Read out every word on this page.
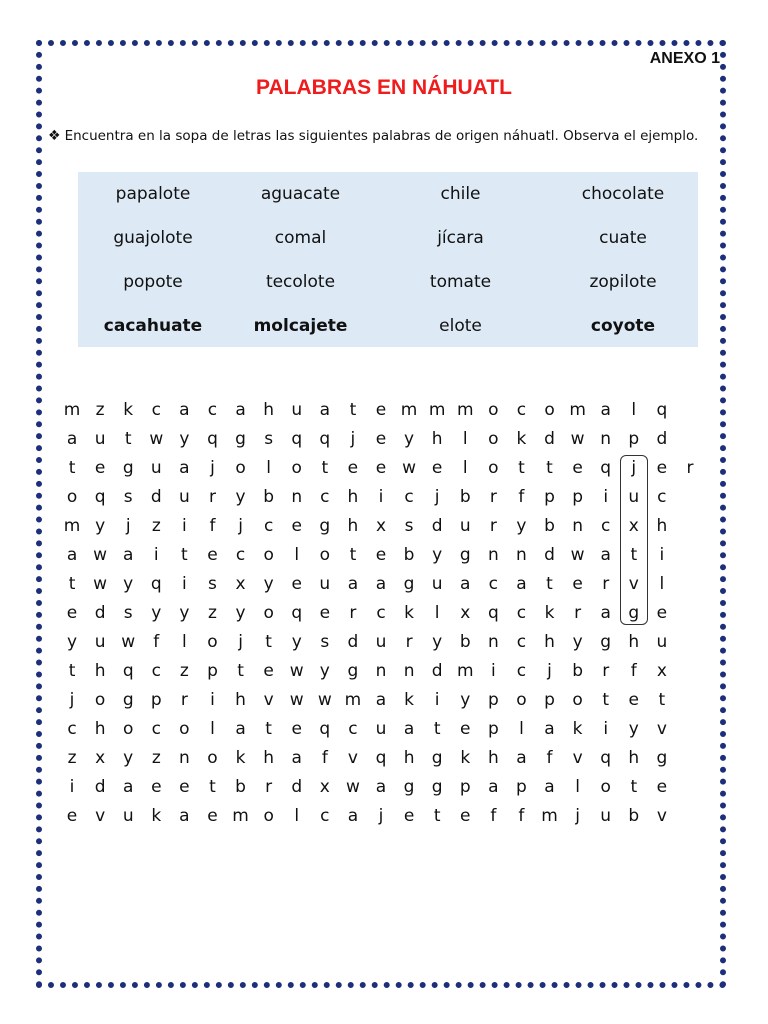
ANEXO 1
PALABRAS EN NÁHUATL
❖ Encuentra en la sopa de letras las siguientes palabras de origen náhuatl. Observa el ejemplo.
papalote	aguacate	chile	chocolate
guajolote	comal	jícara	cuate
popote	tecolote	tomate	zopilote
cacahuate	molcajete	elote	coyote
m z	k	c	a	c	a	h	u	a	t	e m m m o	c	o m a	l	q
a	u	t	w y	q	g	s	q	q	j	e	y	h	l	o	k	d w n	p	d
t	e	g	u	a	j	o	l	o	t	e	e w e	l	o	t	t	e	q	j	e	r
o	q	s	d	u	r	y	b	n	c	h	i	c	j	b	r	f	p	p	i	u	c
m y	j	z	i	f	j	c	e	g	h	x	s	d	u	r	y	b	n	c	x	h
a w a	i	t	e	c	o	l	o	t	e	b	y	g	n	n	d w a	t	i
t	w y	q	i	s	x	y	e	u	a	a	g	u	a	c	a	t	e	r	v	l
e	d	s	y	y	z	y	o	q	e	r	c	k	l	x	q	c	k	r	a	g	e
y	u w	f	l	o	j	t	y	s	d	u	r	y	b	n	c	h	y	g	h	u
t	h	q	c	z	p	t	e w y	g	n	n	d m	i	c	j	b	r	f	x
j	o	g	p	r	i	h	v w w m a	k	i	y	p	o	p	o	t	e	t
c	h	o	c	o	l	a	t	e	q	c	u	a	t	e	p	l	a	k	i	y	v
z	x	y	z	n	o	k	h	a	f	v	q	h	g	k	h	a	f	v	q	h	g
i	d	a	e	e	t	b	r	d	x w a	g	g	p	a	p	a	l	o	t	e
e	v	u	k	a	e m o	l	c	a	j	e	t	e	f	f m	j	u	b	v
